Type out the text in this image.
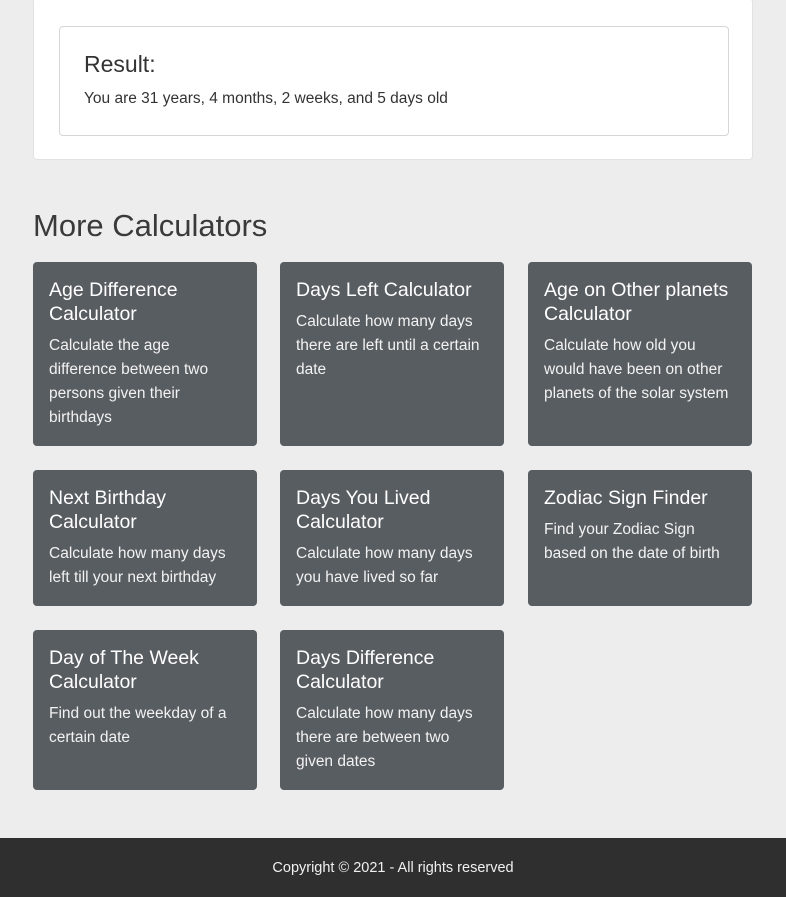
Result:

You are 31 years, 4 months, 2 weeks, and 5 days old

More Calculators
Age Difference Calculator

Calculate the age difference between two persons given their birthdays

Days Left Calculator

Calculate how many days there are left until a certain date

Age on Other planets Calculator

Calculate how old you would have been on other planets of the solar system

Next Birthday Calculator

Calculate how many days left till your next birthday

Days You Lived Calculator

Calculate how many days you have lived so far

Zodiac Sign Finder

Find your Zodiac Sign based on the date of birth

Day of The Week Calculator

Find out the weekday of a certain date

Days Difference Calculator

Calculate how many days there are between two given dates

Copyright © 2021 - All rights reserved
